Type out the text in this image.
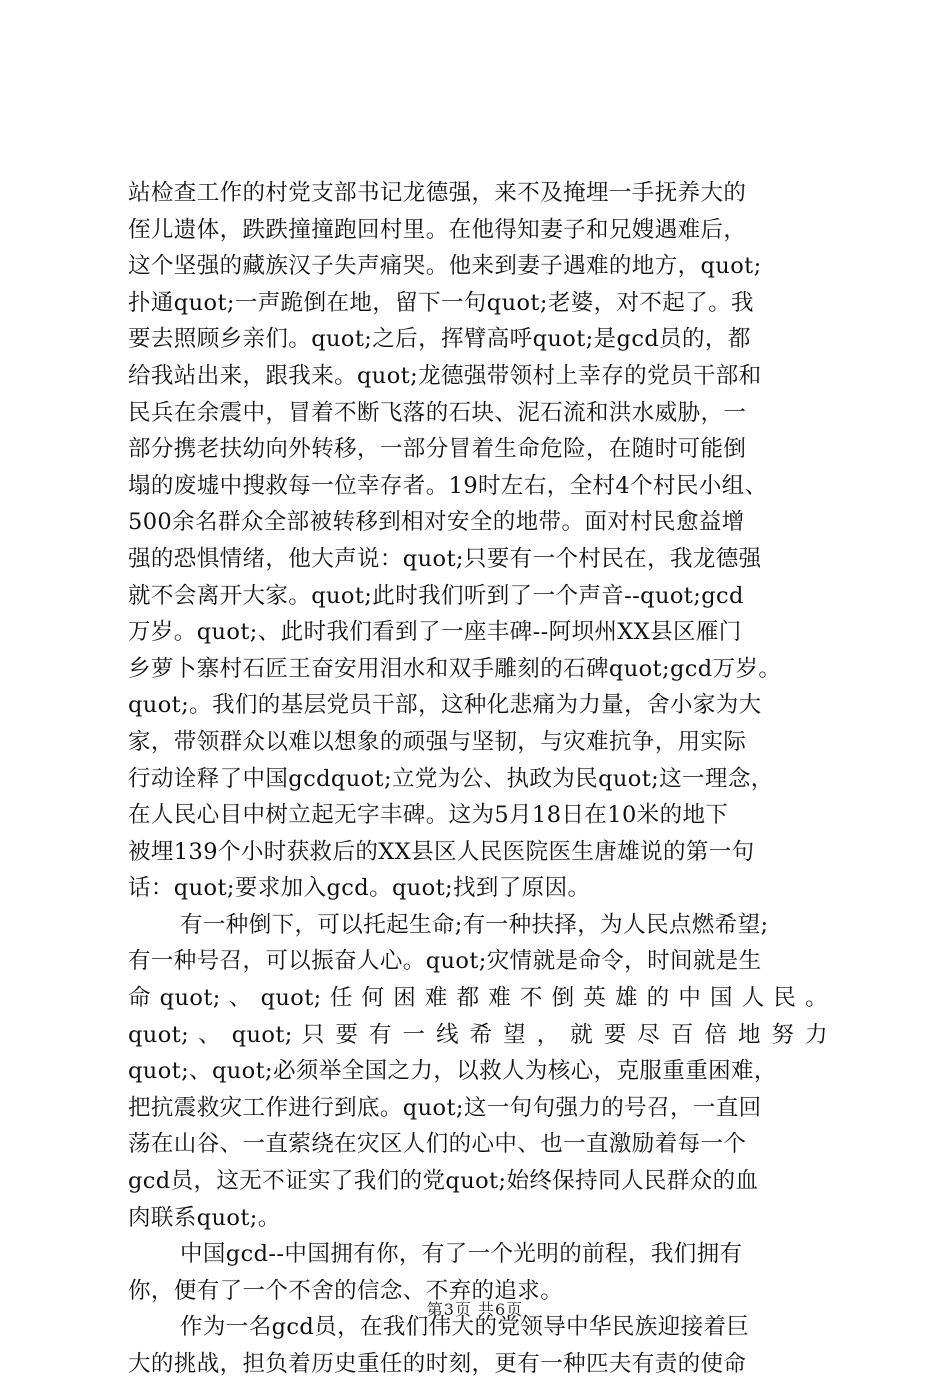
站检查工作的村党支部书记龙德强，来不及掩埋一手抚养大的
侄儿遗体，跌跌撞撞跑回村里。在他得知妻子和兄嫂遇难后，
这个坚强的藏族汉子失声痛哭。他来到妻子遇难的地方，quot;
扑通quot;一声跪倒在地，留下一句quot;老婆，对不起了。我
要去照顾乡亲们。quot;之后，挥臂高呼quot;是gcd员的，都
给我站出来，跟我来。quot;龙德强带领村上幸存的党员干部和
民兵在余震中，冒着不断飞落的石块、泥石流和洪水威胁，一
部分携老扶幼向外转移，一部分冒着生命危险，在随时可能倒
塌的废墟中搜救每一位幸存者。19时左右，全村4个村民小组、
500余名群众全部被转移到相对安全的地带。面对村民愈益增
强的恐惧情绪，他大声说：quot;只要有一个村民在，我龙德强
就不会离开大家。quot;此时我们听到了一个声音--quot;gcd
万岁。quot;、此时我们看到了一座丰碑--阿坝州XX县区雁门
乡萝卜寨村石匠王奋安用泪水和双手雕刻的石碑quot;gcd万岁。
quot;。我们的基层党员干部，这种化悲痛为力量，舍小家为大
家，带领群众以难以想象的顽强与坚韧，与灾难抗争，用实际
行动诠释了中国gcdquot;立党为公、执政为民quot;这一理念，
在人民心目中树立起无字丰碑。这为5月18日在10米的地下
被埋139个小时获救后的XX县区人民医院医生唐雄说的第一句
话：quot;要求加入gcd。quot;找到了原因。
有一种倒下，可以托起生命;有一种扶择，为人民点燃希望;
有一种号召，可以振奋人心。quot;灾情就是命令，时间就是生
命 quot; 、 quot; 任 何 困 难 都 难 不 倒 英 雄 的 中 国 人 民 。
quot; 、 quot; 只 要 有 一 线 希 望 ， 就 要 尽 百 倍 地 努 力
quot;、quot;必须举全国之力，以救人为核心，克服重重困难，
把抗震救灾工作进行到底。quot;这一句句强力的号召，一直回
荡在山谷、一直萦绕在灾区人们的心中、也一直激励着每一个
gcd员，这无不证实了我们的党quot;始终保持同人民群众的血
肉联系quot;。
中国gcd--中国拥有你，有了一个光明的前程，我们拥有
你，便有了一个不舍的信念、不弃的追求。
作为一名gcd员，在我们伟大的党领导中华民族迎接着巨
大的挑战，担负着历史重任的时刻，更有一种匹夫有责的使命
第3页 共6页
